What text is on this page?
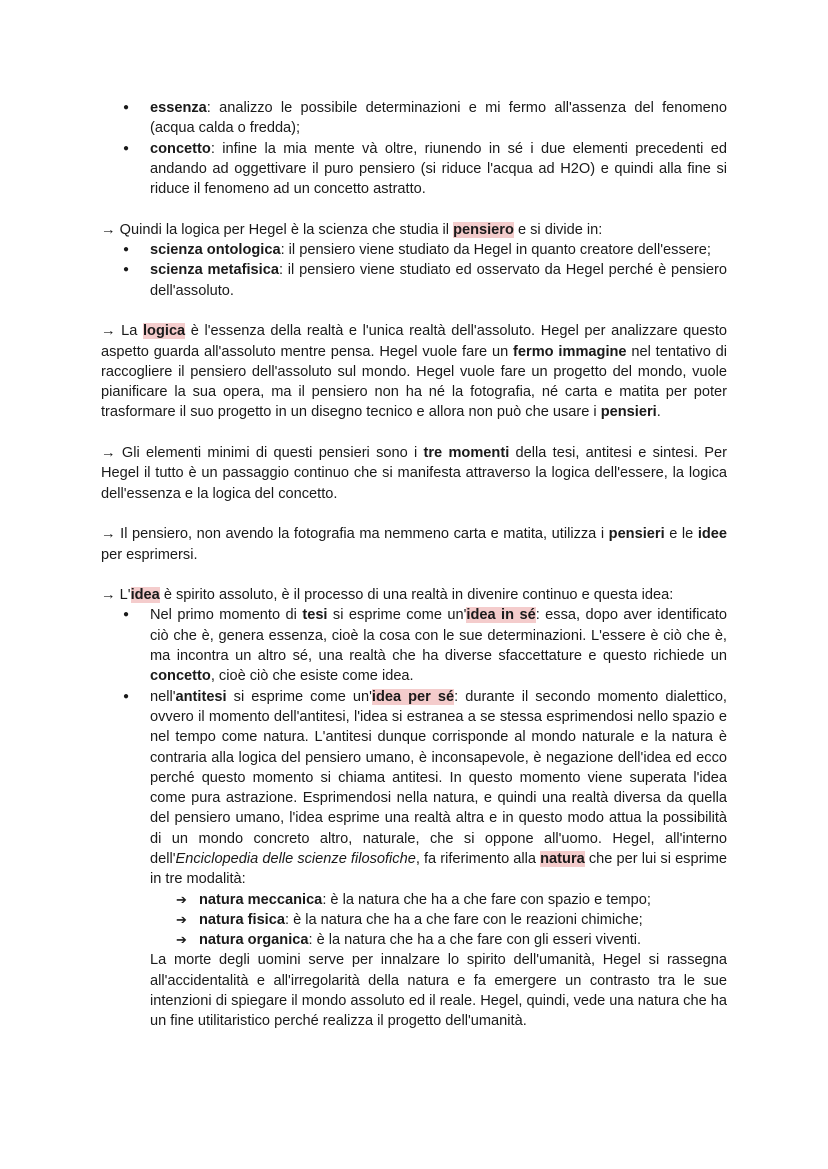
● essenza: analizzo le possibile determinazioni e mi fermo all'assenza del fenomeno (acqua calda o fredda);
● concetto: infine la mia mente và oltre, riunendo in sé i due elementi precedenti ed andando ad oggettivare il puro pensiero (si riduce l'acqua ad H2O) e quindi alla fine si riduce il fenomeno ad un concetto astratto.
→ Quindi la logica per Hegel è la scienza che studia il pensiero e si divide in:
● scienza ontologica: il pensiero viene studiato da Hegel in quanto creatore dell'essere;
● scienza metafisica: il pensiero viene studiato ed osservato da Hegel perché è pensiero dell'assoluto.
→ La logica è l'essenza della realtà e l'unica realtà dell'assoluto. Hegel per analizzare questo aspetto guarda all'assoluto mentre pensa. Hegel vuole fare un fermo immagine nel tentativo di raccogliere il pensiero dell'assoluto sul mondo. Hegel vuole fare un progetto del mondo, vuole pianificare la sua opera, ma il pensiero non ha né la fotografia, né carta e matita per poter trasformare il suo progetto in un disegno tecnico e allora non può che usare i pensieri.
→ Gli elementi minimi di questi pensieri sono i tre momenti della tesi, antitesi e sintesi. Per Hegel il tutto è un passaggio continuo che si manifesta attraverso la logica dell'essere, la logica dell'essenza e la logica del concetto.
→ Il pensiero, non avendo la fotografia ma nemmeno carta e matita, utilizza i pensieri e le idee per esprimersi.
→ L'idea è spirito assoluto, è il processo di una realtà in divenire continuo e questa idea:
● Nel primo momento di tesi si esprime come un'idea in sé: essa, dopo aver identificato ciò che è, genera essenza, cioè la cosa con le sue determinazioni. L'essere è ciò che è, ma incontra un altro sé, una realtà che ha diverse sfaccettature e questo richiede un concetto, cioè ciò che esiste come idea.
● nell'antitesi si esprime come un'idea per sé: durante il secondo momento dialettico, ovvero il momento dell'antitesi, l'idea si estranea a se stessa esprimendosi nello spazio e nel tempo come natura. L'antitesi dunque corrisponde al mondo naturale e la natura è contraria alla logica del pensiero umano, è inconsapevole, è negazione dell'idea ed ecco perché questo momento si chiama antitesi. In questo momento viene superata l'idea come pura astrazione. Esprimendosi nella natura, e quindi una realtà diversa da quella del pensiero umano, l'idea esprime una realtà altra e in questo modo attua la possibilità di un mondo concreto altro, naturale, che si oppone all'uomo. Hegel, all'interno dell'Enciclopedia delle scienze filosofiche, fa riferimento alla natura che per lui si esprime in tre modalità:
➔ natura meccanica: è la natura che ha a che fare con spazio e tempo;
➔ natura fisica: è la natura che ha a che fare con le reazioni chimiche;
➔ natura organica: è la natura che ha a che fare con gli esseri viventi.
La morte degli uomini serve per innalzare lo spirito dell'umanità, Hegel si rassegna all'accidentalità e all'irregolarità della natura e fa emergere un contrasto tra le sue intenzioni di spiegare il mondo assoluto ed il reale. Hegel, quindi, vede una natura che ha un fine utilitaristico perché realizza il progetto dell'umanità.
